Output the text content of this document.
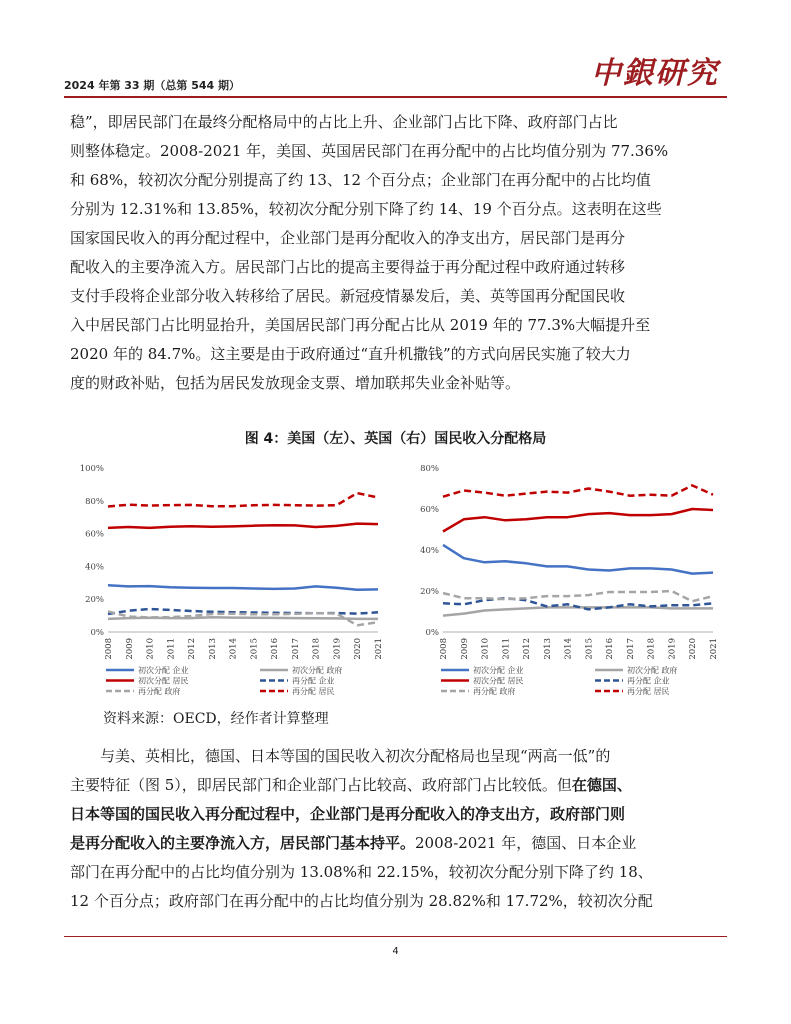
2024 年第 33 期（总第 544 期）	中銀研究

稳”，即居民部门在最终分配格局中的占比上升、企业部门占比下降、政府部门占比
则整体稳定。2008-2021 年，美国、英国居民部门在再分配中的占比均值分别为 77.36%
和 68%，较初次分配分别提高了约 13、12 个百分点；企业部门在再分配中的占比均值
分别为 12.31%和 13.85%，较初次分配分别下降了约 14、19 个百分点。这表明在这些
国家国民收入的再分配过程中，企业部门是再分配收入的净支出方，居民部门是再分
配收入的主要净流入方。居民部门占比的提高主要得益于再分配过程中政府通过转移
支付手段将企业部分收入转移给了居民。新冠疫情暴发后，美、英等国再分配国民收
入中居民部门占比明显抬升，美国居民部门再分配占比从 2019 年的 77.3%大幅提升至
2020 年的 84.7%。这主要是由于政府通过“直升机撒钱”的方式向居民实施了较大力
度的财政补贴，包括为居民发放现金支票、增加联邦失业金补贴等。

图 4：美国（左）、英国（右）国民收入分配格局
0%
20%
40%
60%
80%
100%
2008 2009 2010 2011 2012 2013 2014 2015 2016 2017 2018 2019 2020 2021
初次分配 企业
初次分配 居民
再分配 政府
初次分配 政府
再分配 企业
再分配 居民
0%
20%
40%
60%
80%
2008 2009 2010 2011 2012 2013 2014 2015 2016 2017 2018 2019 2020 2021
初次分配 企业
初次分配 居民
再分配 政府
初次分配 政府
再分配 企业
再分配 居民
资料来源：OECD，经作者计算整理

与美、英相比，德国、日本等国的国民收入初次分配格局也呈现“两高一低”的
主要特征（图 5），即居民部门和企业部门占比较高、政府部门占比较低。但在德国、
日本等国的国民收入再分配过程中，企业部门是再分配收入的净支出方，政府部门则
是再分配收入的主要净流入方，居民部门基本持平。2008-2021 年，德国、日本企业
部门在再分配中的占比均值分别为 13.08%和 22.15%，较初次分配分别下降了约 18、
12 个百分点；政府部门在再分配中的占比均值分别为 28.82%和 17.72%，较初次分配

4
